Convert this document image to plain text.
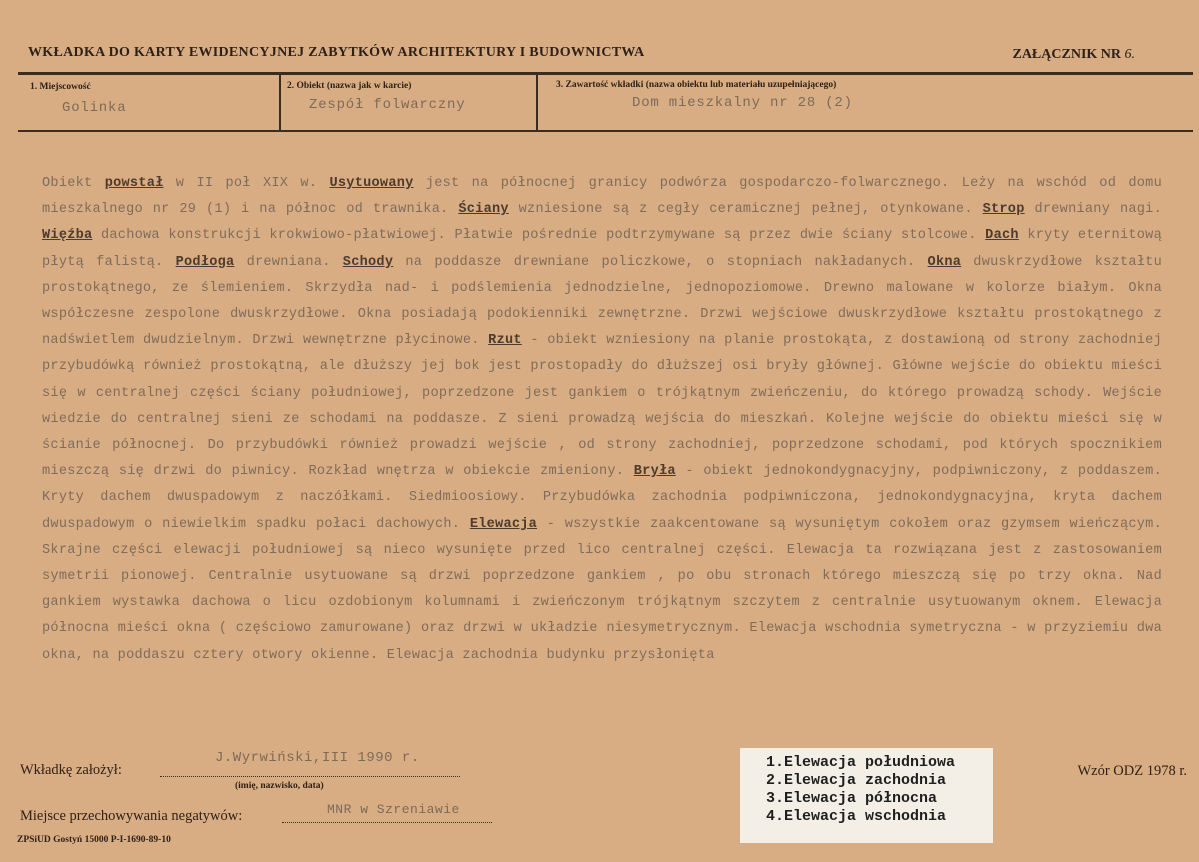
WKŁADKA DO KARTY EWIDENCYJNEJ ZABYTKÓW ARCHITEKTURY I BUDOWNICTWA	ZAŁĄCZNIK NR 6.
1. Miejscowość
Golinka
2. Obiekt (nazwa jak w karcie)
Zespół folwarczny
3. Zawartość wkładki (nazwa obiektu lub materiału uzupełniającego)
Dom mieszkalny nr 28 (2)
Obiekt powstał w II poł XIX w. Usytuowany jest na północnej granicy podwórza gospodarczo-folwarcznego. Leży na wschód od domu mieszkalnego nr 29 (1) i na północ od trawnika. Ściany wzniesione są z cegły ceramicznej pełnej, otynkowane. Strop drewniany nagi. Więźba dachowa konstrukcji krokwiowo-płatwiowej. Płatwie pośrednie podtrzymywane są przez dwie ściany stolcowe. Dach kryty eternitową płytą falistą. Podłoga drewniana. Schody na poddasze drewniane policzkowe, o stopniach nakładanych. Okna dwuskrzydłowe kształtu prostokątnego, ze ślemieniem. Skrzydła nad- i podślemienia jednodzielne, jednopoziomowe. Drewno malowane w kolorze białym. Okna współczesne zespolone dwuskrzydłowe. Okna posiadają podokienniki zewnętrzne. Drzwi wejściowe dwuskrzydłowe kształtu prostokątnego z nadświetlem dwudzielnym. Drzwi wewnętrzne płycinowe. Rzut - obiekt wzniesiony na planie prostokąta, z dostawioną od strony zachodniej przybudówką również prostokątną, ale dłuższy jej bok jest prostopadły do dłuższej osi bryły głównej. Główne wejście do obiektu mieści się w centralnej części ściany południowej, poprzedzone jest gankiem o trójkątnym zwieńczeniu, do którego prowadzą schody. Wejście wiedzie do centralnej sieni ze schodami na poddasze. Z sieni prowadzą wejścia do mieszkań. Kolejne wejście do obiektu mieści się w ścianie północnej. Do przybudówki również prowadzi wejście , od strony zachodniej, poprzedzone schodami, pod których spocznikiem mieszczą się drzwi do piwnicy. Rozkład wnętrza w obiekcie zmieniony. Bryła - obiekt jednokondygnacyjny, podpiwniczony, z poddaszem. Kryty dachem dwuspadowym z naczółkami. Siedmioosiowy. Przybudówka zachodnia podpiwniczona, jednokondygnacyjna, kryta dachem dwuspadowym o niewielkim spadku połaci dachowych. Elewacja - wszystkie zaakcentowane są wysuniętym cokołem oraz gzymsem wieńczącym. Skrajne części elewacji południowej są nieco wysunięte przed lico centralnej części. Elewacja ta rozwiązana jest z zastosowaniem symetrii pionowej. Centralnie usytuowane są drzwi poprzedzone gankiem , po obu stronach którego mieszczą się po trzy okna. Nad gankiem wystawka dachowa o licu ozdobionym kolumnami i zwieńczonym trójkątnym szczytem z centralnie usytuowanym oknem. Elewacja północna mieści okna ( częściowo zamurowane) oraz drzwi w układzie niesymetrycznym. Elewacja wschodnia symetryczna - w przyziemiu dwa okna, na poddaszu cztery otwory okienne. Elewacja zachodnia budynku przysłonięta
Wkładkę założył:
J.Wyrwiński,III 1990 r.
(imię, nazwisko, data)
Miejsce przechowywania negatywów:	MNR w Szreniawie
Wzór ODZ 1978 r.
ZPSiUD Gostyń 15000 P-I-1690-89-10
1.Elewacja południowa
2.Elewacja zachodnia
3.Elewacja północna
4.Elewacja wschodnia
